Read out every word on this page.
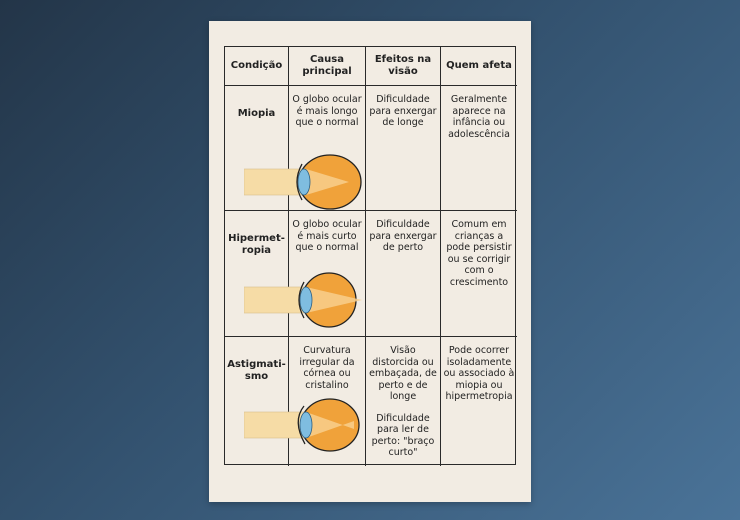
Condição
Causa principal
Efeitos na visão
Quem afeta
Miopia
O globo ocular é mais longo que o normal
Dificuldade para enxergar de longe
Geralmente aparece na infância ou adolescência
Hipermet-ropia
O globo ocular é mais curto que o normal
Dificuldade para enxergar de perto
Comum em crianças a pode persistir ou se corrigir com o crescimento
Astigmati-smo
Curvatura irregular da córnea ou cristalino
Visão distorcida ou embaçada, de perto e de longe
Dificuldade para ler de perto: "braço curto"
Pode ocorrer isoladamente ou associado à miopia ou hipermetropia
